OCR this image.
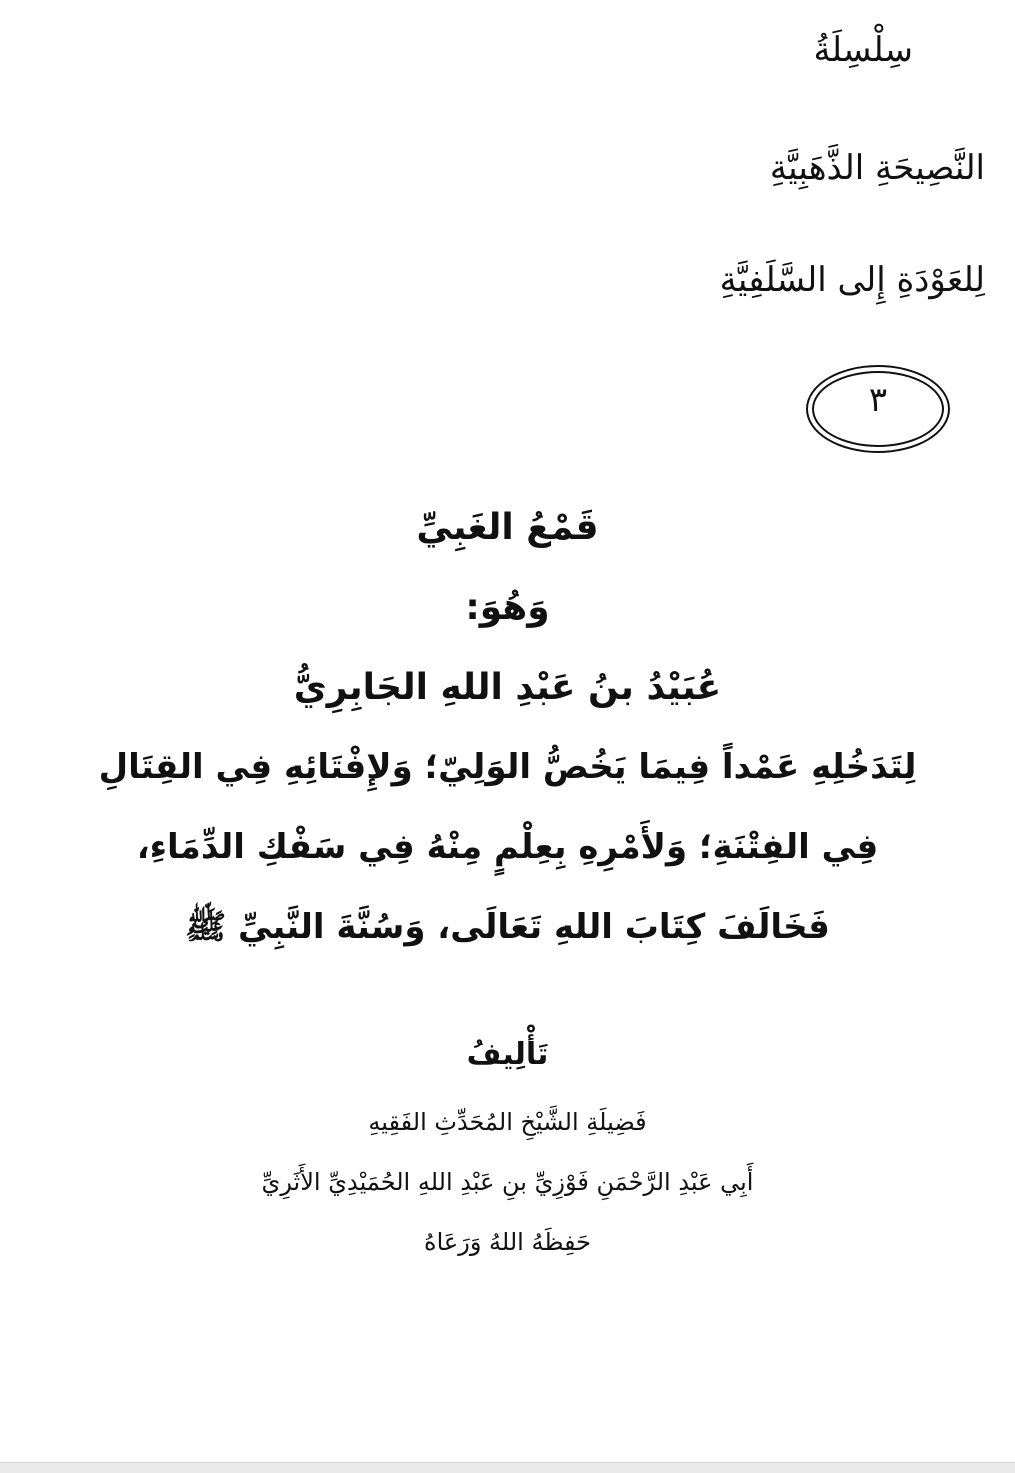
سِلْسِلَةُ
النَّصِيحَةِ الذَّهَبِيَّةِ
لِلعَوْدَةِ إِلى السَّلَفِيَّةِ
٣
قَمْعُ الغَبِيِّ
وَهُوَ:
عُبَيْدُ بنُ عَبْدِ اللهِ الجَابِرِيُّ
لِتَدَخُلِهِ عَمْداً فِيمَا يَخُصُّ الوَلِيّ؛ وَلإِفْتَائِهِ فِي القِتَالِ
فِي الفِتْنَةِ؛ وَلأَمْرِهِ بِعِلْمٍ مِنْهُ فِي سَفْكِ الدِّمَاءِ،
فَخَالَفَ كِتَابَ اللهِ تَعَالَى، وَسُنَّةَ النَّبِيِّ ﷺ
تَأْلِيفُ
فَضِيلَةِ الشَّيْخِ المُحَدِّثِ الفَقِيهِ
أَبِي عَبْدِ الرَّحْمَنِ فَوْزِيِّ بنِ عَبْدِ اللهِ الحُمَيْدِيِّ الأَثَرِيِّ
حَفِظَهُ اللهُ وَرَعَاهُ
